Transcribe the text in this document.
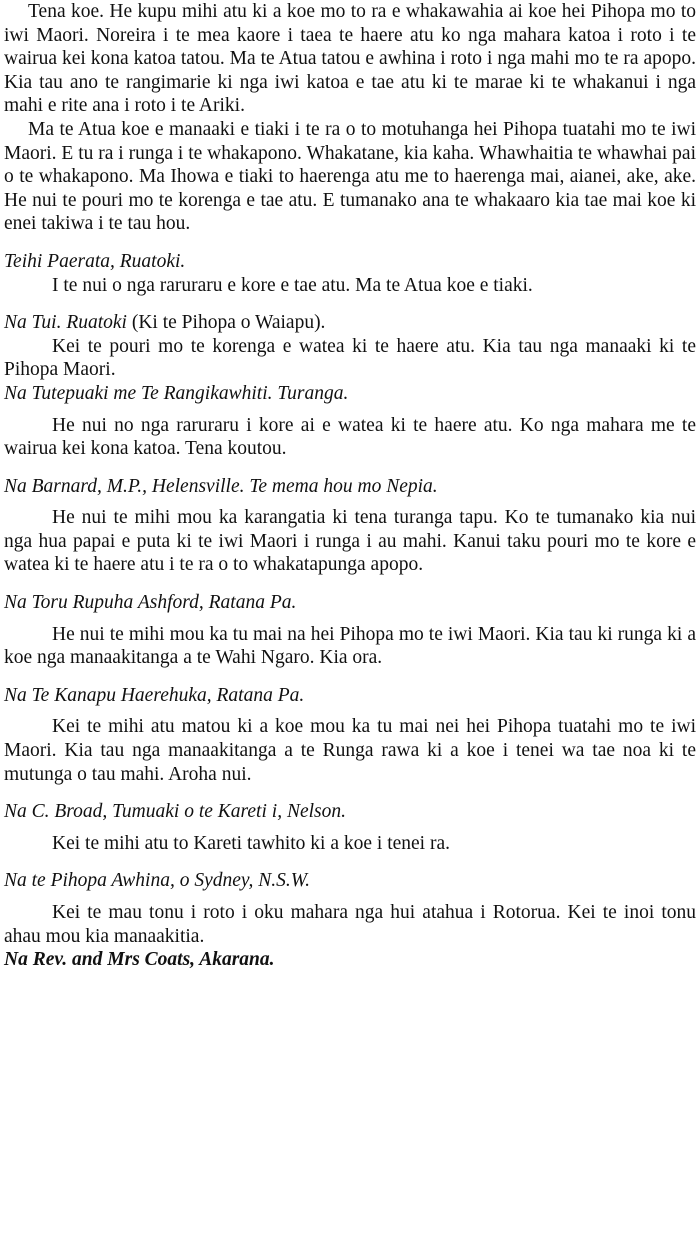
Tena koe. He kupu mihi atu ki a koe mo to ra e whakawahia ai koe hei Pihopa mo to iwi Maori. Noreira i te mea kaore i taea te haere atu ko nga mahara katoa i roto i te wairua kei kona katoa tatou. Ma te Atua tatou e awhina i roto i nga mahi mo te ra apopo. Kia tau ano te rangimarie ki nga iwi katoa e tae atu ki te marae ki te whakanui i nga mahi e rite ana i roto i te Ariki.

Ma te Atua koe e manaaki e tiaki i te ra o to motuhanga hei Pihopa tuatahi mo te iwi Maori. E tu ra i runga i te whakapono. Whakatane, kia kaha. Whawhaitia te whawhai pai o te whakapono. Ma Ihowa e tiaki to haerenga atu me to haerenga mai, aianei, ake, ake. He nui te pouri mo te korenga e tae atu. E tumanako ana te whakaaro kia tae mai koe ki enei takiwa i te tau hou.

Teihi Paerata, Ruatoki.

I te nui o nga raruraru e kore e tae atu. Ma te Atua koe e tiaki.

Na Tui. Ruatoki (Ki te Pihopa o Waiapu).

Kei te pouri mo te korenga e watea ki te haere atu. Kia tau nga manaaki ki te Pihopa Maori.

Na Tutepuaki me Te Rangikawhiti. Turanga.

He nui no nga raruraru i kore ai e watea ki te haere atu. Ko nga mahara me te wairua kei kona katoa. Tena koutou.

Na Barnard, M.P., Helensville. Te mema hou mo Nepia.

He nui te mihi mou ka karangatia ki tena turanga tapu. Ko te tumanako kia nui nga hua papai e puta ki te iwi Maori i runga i au mahi. Kanui taku pouri mo te kore e watea ki te haere atu i te ra o to whakatapunga apopo.

Na Toru Rupuha Ashford, Ratana Pa.

He nui te mihi mou ka tu mai na hei Pihopa mo te iwi Maori. Kia tau ki runga ki a koe nga manaakitanga a te Wahi Ngaro. Kia ora.

Na Te Kanapu Haerehuka, Ratana Pa.

Kei te mihi atu matou ki a koe mou ka tu mai nei hei Pihopa tuatahi mo te iwi Maori. Kia tau nga manaakitanga a te Runga rawa ki a koe i tenei wa tae noa ki te mutunga o tau mahi. Aroha nui.

Na C. Broad, Tumuaki o te Kareti i, Nelson.

Kei te mihi atu to Kareti tawhito ki a koe i tenei ra.

Na te Pihopa Awhina, o Sydney, N.S.W.

Kei te mau tonu i roto i oku mahara nga hui atahua i Rotorua. Kei te inoi tonu ahau mou kia manaakitia.

Na Rev. and Mrs Coats, Akarana.
